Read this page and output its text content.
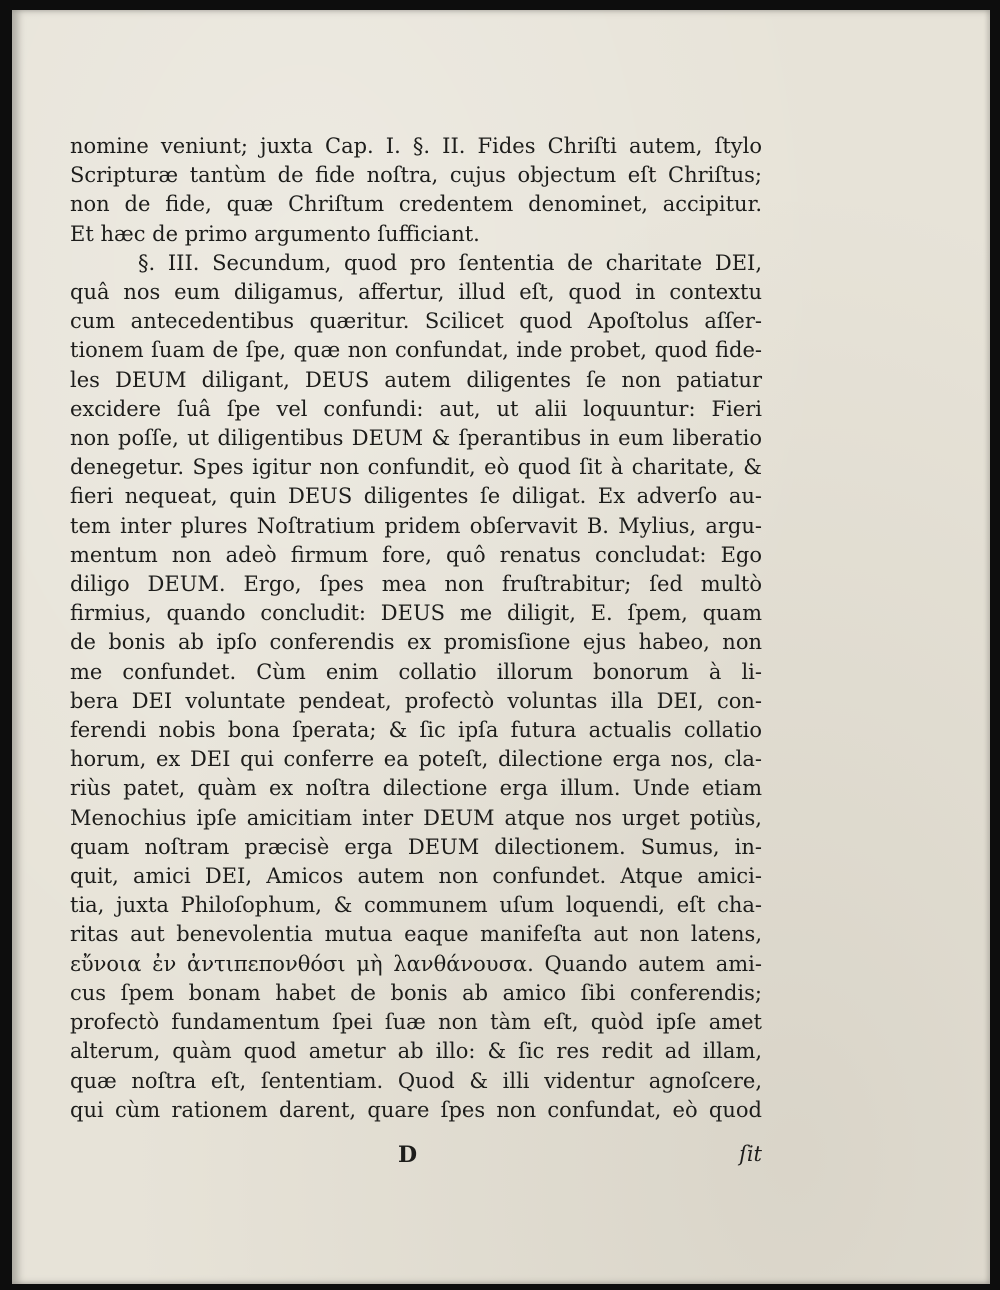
nomine veniunt; juxta Cap. I. §. II. Fides Chriſti autem, ſtylo
Scripturæ tantùm de fide noſtra, cujus objectum eſt Chriſtus;
non de fide, quæ Chriſtum credentem denominet, accipitur.
Et hæc de primo argumento ſufficiant.
§. III. Secundum, quod pro ſententia de charitate DEI,
quâ nos eum diligamus, affertur, illud eſt, quod in contextu
cum antecedentibus quæritur. Scilicet quod Apoſtolus aſſer-
tionem ſuam de ſpe, quæ non confundat, inde probet, quod fide-
les DEUM diligant, DEUS autem diligentes ſe non patiatur
excidere ſuâ ſpe vel confundi: aut, ut alii loquuntur: Fieri
non poſſe, ut diligentibus DEUM & ſperantibus in eum liberatio
denegetur. Spes igitur non confundit, eò quod ſit à charitate, &
fieri nequeat, quin DEUS diligentes ſe diligat. Ex adverſo au-
tem inter plures Noſtratium pridem obſervavit B. Mylius, argu-
mentum non adeò firmum fore, quô renatus concludat: Ego
diligo DEUM. Ergo, ſpes mea non fruſtrabitur; ſed multò
firmius, quando concludit: DEUS me diligit, E. ſpem, quam
de bonis ab ipſo conferendis ex promisſione ejus habeo, non
me confundet. Cùm enim collatio illorum bonorum à li-
bera DEI voluntate pendeat, profectò voluntas illa DEI, con-
ferendi nobis bona ſperata; & ſic ipſa futura actualis collatio
horum, ex DEI qui conferre ea poteſt, dilectione erga nos, cla-
riùs patet, quàm ex noſtra dilectione erga illum. Unde etiam
Menochius ipſe amicitiam inter DEUM atque nos urget potiùs,
quam noſtram præcisè erga DEUM dilectionem. Sumus, in-
quit, amici DEI, Amicos autem non confundet. Atque amici-
tia, juxta Philoſophum, & communem uſum loquendi, eſt cha-
ritas aut benevolentia mutua eaque manifeſta aut non latens,
εὔνοια ἐν ἀντιπεπονθόσι μὴ λανθάνουσα. Quando autem ami-
cus ſpem bonam habet de bonis ab amico ſibi conferendis;
profectò fundamentum ſpei ſuæ non tàm eſt, quòd ipſe amet
alterum, quàm quod ametur ab illo: & ſic res redit ad illam,
quæ noſtra eſt, ſententiam. Quod & illi videntur agnoſcere,
qui cùm rationem darent, quare ſpes non confundat, eò quod
D	ſit
